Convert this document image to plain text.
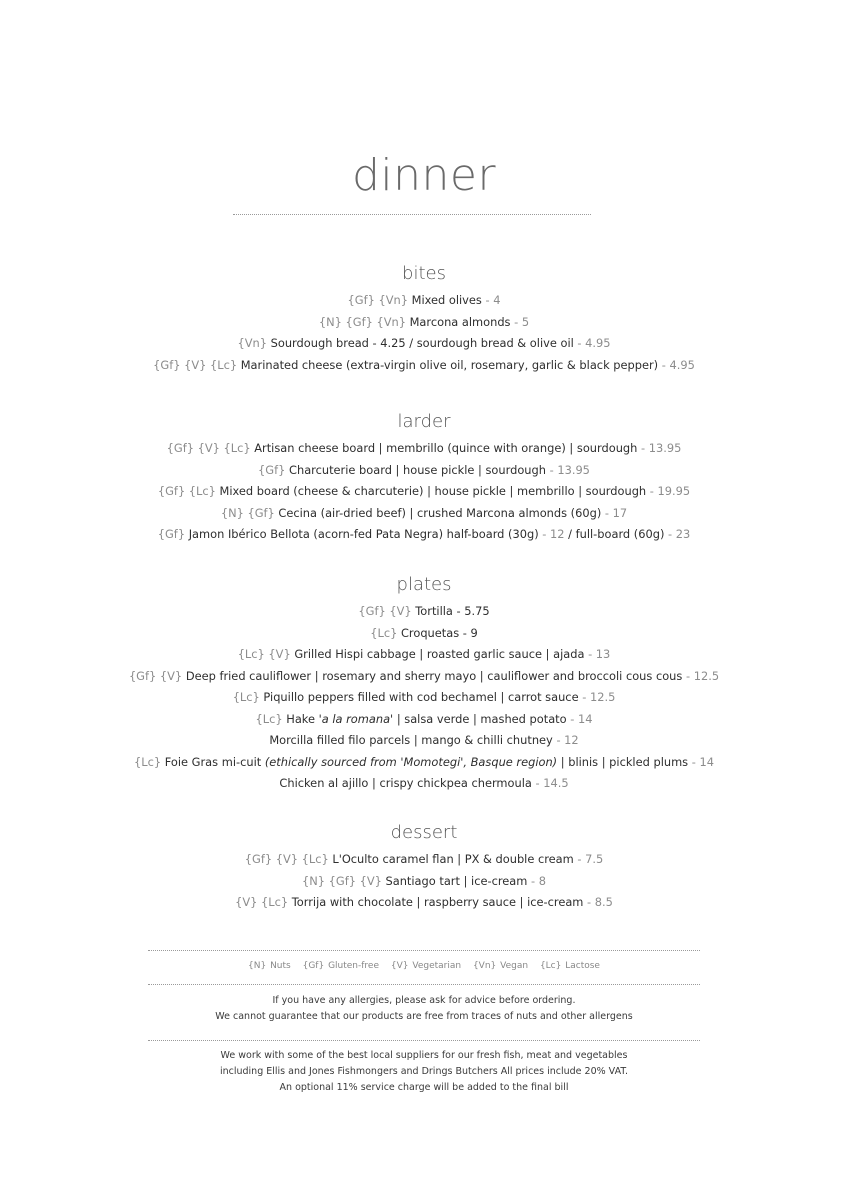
dinner
bites
{Gf} {Vn} Mixed olives - 4
{N} {Gf} {Vn} Marcona almonds - 5
{Vn} Sourdough bread - 4.25 / sourdough bread & olive oil - 4.95
{Gf} {V} {Lc} Marinated cheese (extra-virgin olive oil, rosemary, garlic & black pepper) - 4.95
larder
{Gf} {V} {Lc} Artisan cheese board | membrillo (quince with orange) | sourdough - 13.95
{Gf} Charcuterie board | house pickle | sourdough - 13.95
{Gf} {Lc} Mixed board (cheese & charcuterie) | house pickle | membrillo | sourdough - 19.95
{N} {Gf} Cecina (air-dried beef) | crushed Marcona almonds (60g) - 17
{Gf} Jamon Ibérico Bellota (acorn-fed Pata Negra) half-board (30g) - 12 / full-board (60g) - 23
plates
{Gf} {V} Tortilla - 5.75
{Lc} Croquetas - 9
{Lc} {V} Grilled Hispi cabbage | roasted garlic sauce | ajada - 13
{Gf} {V} Deep fried cauliflower | rosemary and sherry mayo | cauliflower and broccoli cous cous - 12.5
{Lc} Piquillo peppers filled with cod bechamel | carrot sauce - 12.5
{Lc} Hake 'a la romana' | salsa verde | mashed potato - 14
Morcilla filled filo parcels | mango & chilli chutney - 12
{Lc} Foie Gras mi-cuit (ethically sourced from 'Momotegi', Basque region) | blinis | pickled plums - 14
Chicken al ajillo | crispy chickpea chermoula - 14.5
dessert
{Gf} {V} {Lc} L'Oculto caramel flan | PX & double cream - 7.5
{N} {Gf} {V} Santiago tart | ice-cream - 8
{V} {Lc} Torrija with chocolate | raspberry sauce | ice-cream - 8.5
{N} Nuts {Gf} Gluten-free {V} Vegetarian {Vn} Vegan {Lc} Lactose
If you have any allergies, please ask for advice before ordering.
We cannot guarantee that our products are free from traces of nuts and other allergens
We work with some of the best local suppliers for our fresh fish, meat and vegetables
including Ellis and Jones Fishmongers and Drings Butchers All prices include 20% VAT.
An optional 11% service charge will be added to the final bill
